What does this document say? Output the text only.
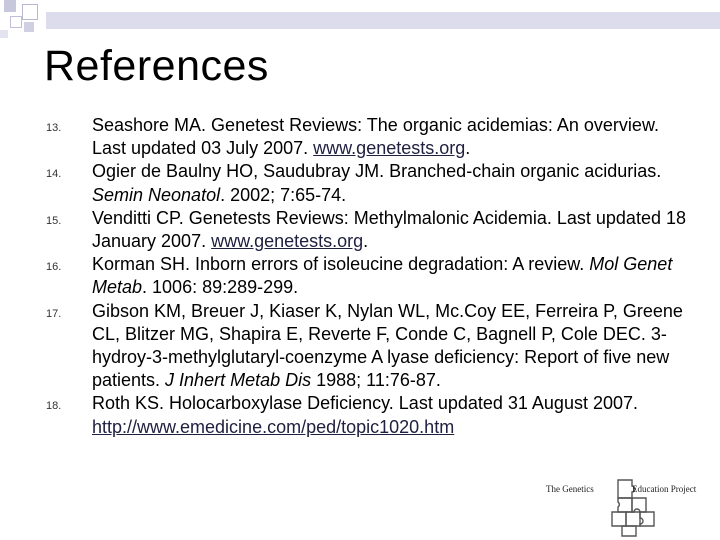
References
13.	Seashore MA. Genetest Reviews: The organic acidemias: An overview. Last updated 03 July 2007. www.genetests.org.
14.	Ogier de Baulny HO, Saudubray JM. Branched-chain organic acidurias. Semin Neonatol. 2002; 7:65-74.
15.	Venditti CP. Genetests Reviews: Methylmalonic Acidemia. Last updated 18 January 2007. www.genetests.org.
16.	Korman SH. Inborn errors of isoleucine degradation: A review. Mol Genet Metab. 1006: 89:289-299.
17.	Gibson KM, Breuer J, Kiaser K, Nylan WL, Mc.Coy EE, Ferreira P, Greene CL, Blitzer MG, Shapira E, Reverte F, Conde C, Bagnell P, Cole DEC. 3-hydroy-3-methylglutaryl-coenzyme A lyase deficiency: Report of five new patients. J Inhert Metab Dis 1988; 11:76-87.
18.	Roth KS. Holocarboxylase Deficiency. Last updated 31 August 2007. http://www.emedicine.com/ped/topic1020.htm
The Genetics	Education Project
